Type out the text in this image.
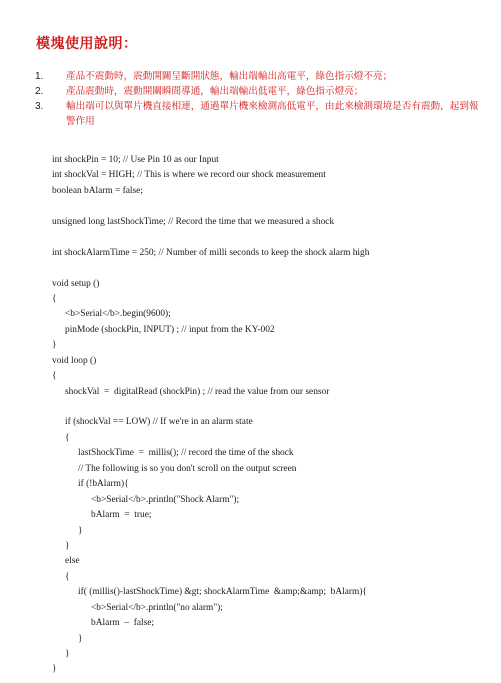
模塊使用說明：
1.	產品不震動時，震動開關呈斷開狀態，輸出端輸出高電平，綠色指示燈不亮；
2.	產品震動時，震動開關瞬間導通，輸出端輸出低電平，綠色指示燈亮；
3.	輸出端可以與單片機直接相連，通過單片機來檢測高低電平，由此來檢測環境是否有震動，起到報警作用
int shockPin = 10; // Use Pin 10 as our Input
int shockVal = HIGH; // This is where we record our shock measurement
boolean bAlarm = false;
unsigned long lastShockTime; // Record the time that we measured a shock
int shockAlarmTime = 250; // Number of milli seconds to keep the shock alarm high
void setup ()
{
<b>Serial</b>.begin(9600);
pinMode (shockPin, INPUT) ; // input from the KY-002
}
void loop ()
{
shockVal  =  digitalRead (shockPin) ; // read the value from our sensor
if (shockVal == LOW) // If we're in an alarm state
{
lastShockTime  =  millis(); // record the time of the shock
// The following is so you don't scroll on the output screen
if (!bAlarm){
<b>Serial</b>.println("Shock Alarm");
bAlarm  =  true;
}
}
else
{
if( (millis()-lastShockTime) &gt; shockAlarmTime  &amp;&amp;  bAlarm){
<b>Serial</b>.println("no alarm");
bAlarm  –  false;
}
}
}
